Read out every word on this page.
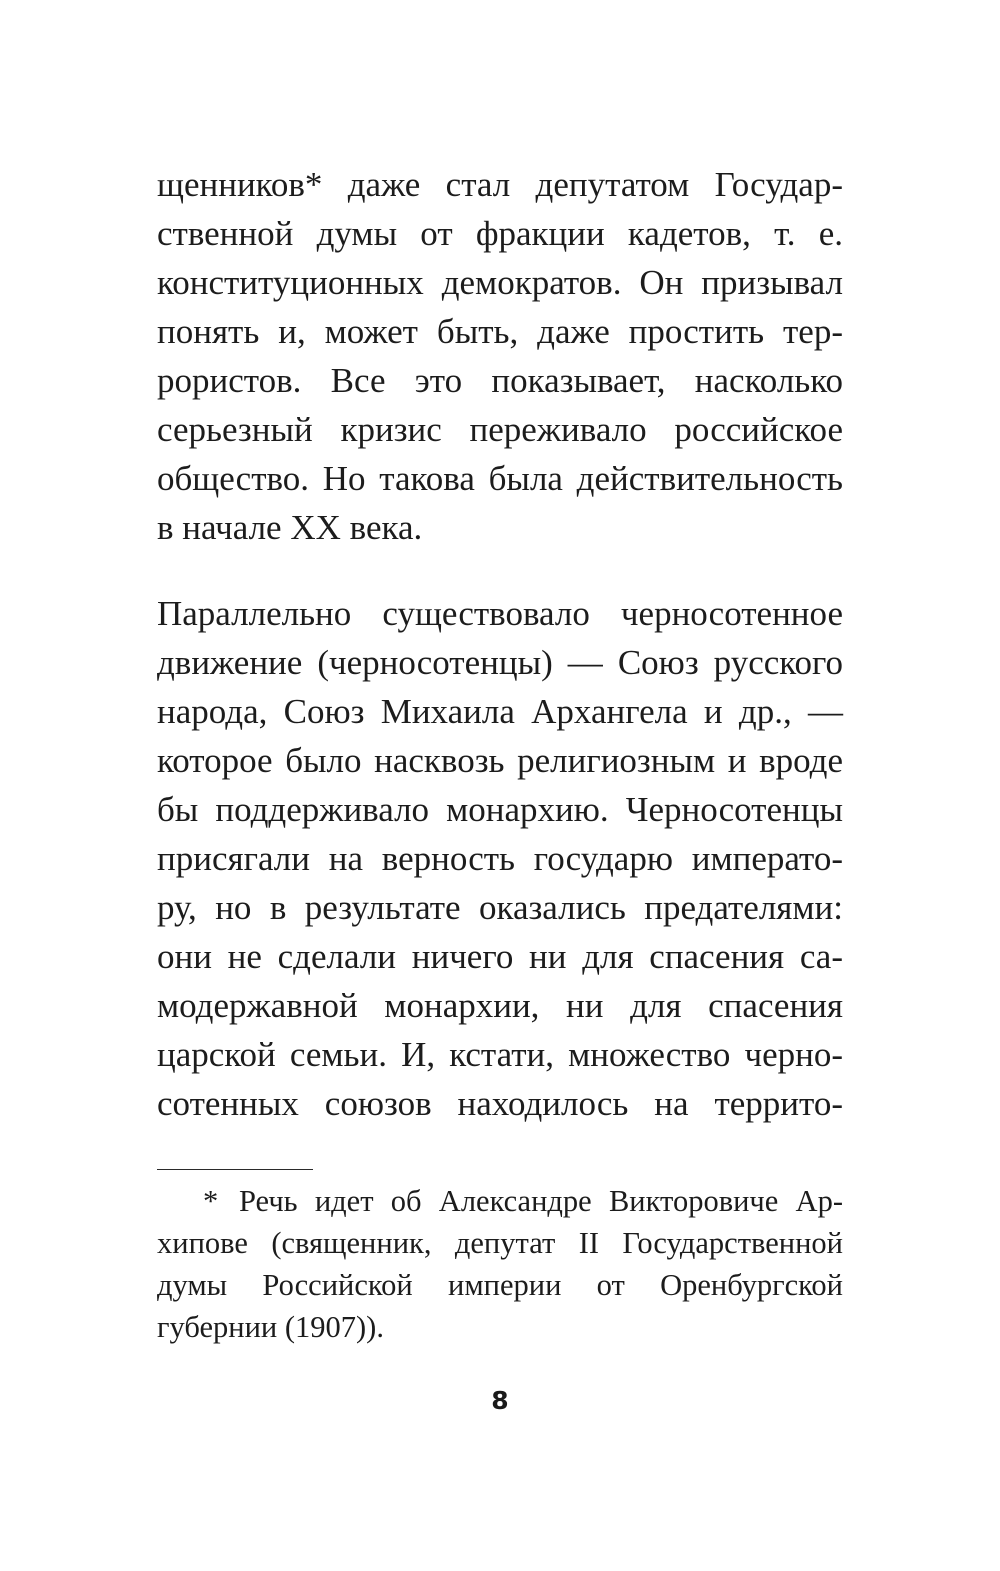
щенников* даже стал депутатом Государ-
ственной думы от фракции кадетов, т. е.
конституционных демократов. Он призывал
понять и, может быть, даже простить тер-
рористов. Все это показывает, насколько
серьезный кризис переживало российское
общество. Но такова была действительность
в начале XX века.
Параллельно существовало черносотенное
движение (черносотенцы) — Союз русского
народа, Союз Михаила Архангела и др., —
которое было насквозь религиозным и вроде
бы поддерживало монархию. Черносотенцы
присягали на верность государю императо-
ру, но в результате оказались предателями:
они не сделали ничего ни для спасения са-
модержавной монархии, ни для спасения
царской семьи. И, кстати, множество черно-
сотенных союзов находилось на террито-
* Речь идет об Александре Викторовиче Ар-
хипове (священник, депутат II Государственной
думы Российской империи от Оренбургской
губернии (1907)).
8
